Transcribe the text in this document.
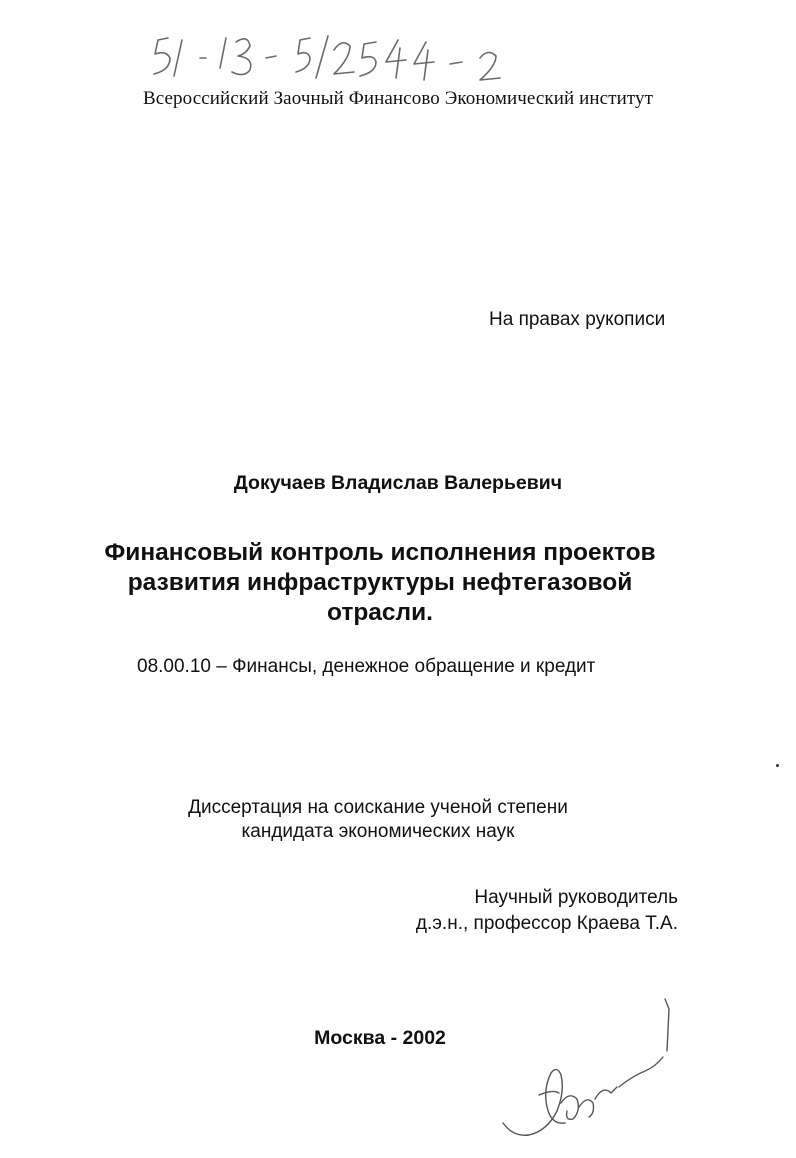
Всероссийский Заочный Финансово Экономический институт
На правах рукописи
Докучаев Владислав Валерьевич
Финансовый контроль исполнения проектов
развития инфраструктуры нефтегазовой
отрасли.
08.00.10 – Финансы, денежное обращение и кредит
Диссертация на соискание ученой степени
кандидата экономических наук
Научный руководитель
д.э.н., профессор Краева Т.А.
Москва - 2002
